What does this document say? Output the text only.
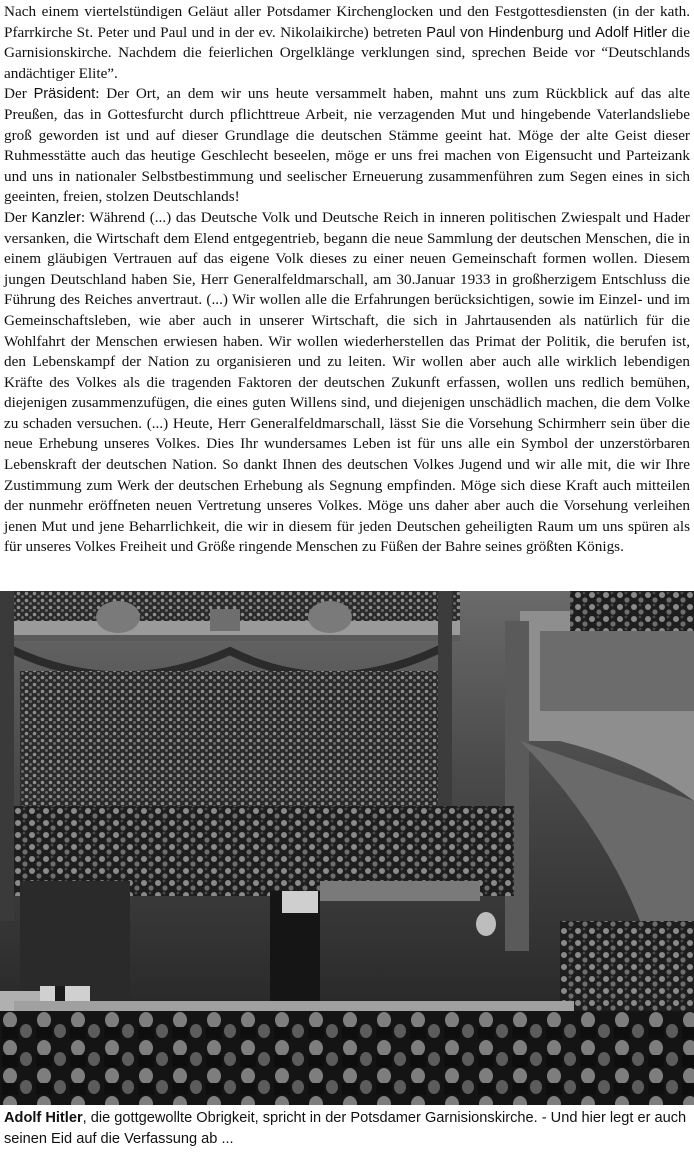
Nach einem viertelstündigen Geläut aller Potsdamer Kirchenglocken und den Festgottesdiensten (in der kath. Pfarrkirche St. Peter und Paul und in der ev. Nikolaikirche) betreten Paul von Hindenburg und Adolf Hitler die Garnisionskirche. Nachdem die feierlichen Orgelklänge verklungen sind, sprechen Beide vor “Deutschlands andächtiger Elite”.

Der Präsident: Der Ort, an dem wir uns heute versammelt haben, mahnt uns zum Rückblick auf das alte Preußen, das in Gottesfurcht durch pflichttreue Arbeit, nie verzagenden Mut und hingebende Vaterlandsliebe groß geworden ist und auf dieser Grundlage die deutschen Stämme geeint hat. Möge der alte Geist dieser Ruhmesstätte auch das heutige Geschlecht beseelen, möge er uns frei machen von Eigensucht und Parteizank und uns in nationaler Selbstbestimmung und seelischer Erneuerung zusammenführen zum Segen eines in sich geeinten, freien, stolzen Deutschlands!

Der Kanzler: Während (...) das Deutsche Volk und Deutsche Reich in inneren politischen Zwiespalt und Hader versanken, die Wirtschaft dem Elend entgegentrieb, begann die neue Sammlung der deutschen Menschen, die in einem gläubigen Vertrauen auf das eigene Volk dieses zu einer neuen Gemeinschaft formen wollen. Diesem jungen Deutschland haben Sie, Herr Generalfeldmarschall, am 30.Januar 1933 in großherzigem Entschluss die Führung des Reiches anvertraut. (...) Wir wollen alle die Erfahrungen berücksichtigen, sowie im Einzel- und im Gemeinschaftsleben, wie aber auch in unserer Wirtschaft, die sich in Jahrtausenden als natürlich für die Wohlfahrt der Menschen erwiesen haben. Wir wollen wiederherstellen das Primat der Politik, die berufen ist, den Lebenskampf der Nation zu organisieren und zu leiten. Wir wollen aber auch alle wirklich lebendigen Kräfte des Volkes als die tragenden Faktoren der deutschen Zukunft erfassen, wollen uns redlich bemühen, diejenigen zusammenzufügen, die eines guten Willens sind, und diejenigen unschädlich machen, die dem Volke zu schaden versuchen. (...) Heute, Herr Generalfeldmarschall, lässt Sie die Vorsehung Schirmherr sein über die neue Erhebung unseres Volkes. Dies Ihr wundersames Leben ist für uns alle ein Symbol der unzerstörbaren Lebenskraft der deutschen Nation. So dankt Ihnen des deutschen Volkes Jugend und wir alle mit, die wir Ihre Zustimmung zum Werk der deutschen Erhebung als Segnung empfinden. Möge sich diese Kraft auch mitteilen der nunmehr eröffneten neuen Vertretung unseres Volkes. Möge uns daher aber auch die Vorsehung verleihen jenen Mut und jene Beharrlichkeit, die wir in diesem für jeden Deutschen geheiligten Raum um uns spüren als für unseres Volkes Freiheit und Größe ringende Menschen zu Füßen der Bahre seines größten Königs.

Adolf Hitler, die gottgewollte Obrigkeit, spricht in der Potsdamer Garnisionskirche. - Und hier legt er auch seinen Eid auf die Verfassung ab ...
